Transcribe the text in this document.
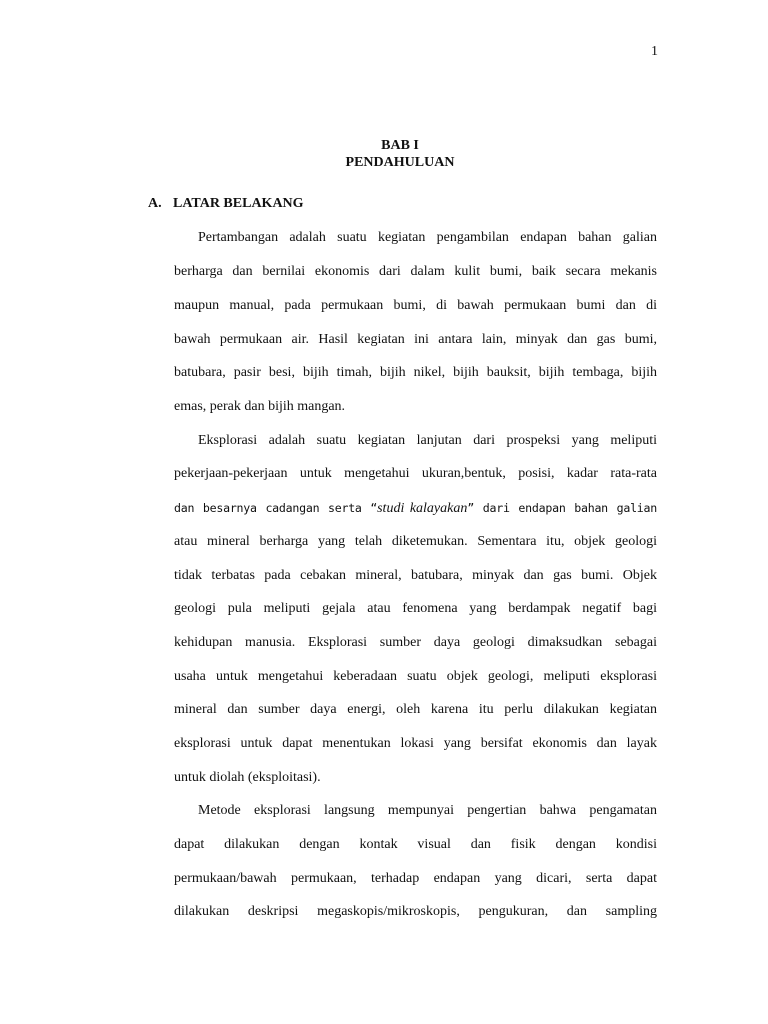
1
BAB I
PENDAHULUAN
A. LATAR BELAKANG
Pertambangan adalah suatu kegiatan pengambilan endapan bahan galian
berharga dan bernilai ekonomis dari dalam kulit bumi, baik secara mekanis
maupun manual, pada permukaan bumi, di bawah permukaan bumi dan di
bawah permukaan air. Hasil kegiatan ini antara lain, minyak dan gas bumi,
batubara, pasir besi, bijih timah, bijih nikel, bijih bauksit, bijih tembaga, bijih
emas, perak dan bijih mangan.
Eksplorasi adalah suatu kegiatan lanjutan dari prospeksi yang meliputi
pekerjaan-pekerjaan untuk mengetahui ukuran,bentuk, posisi, kadar rata-rata
dan besarnya cadangan serta “studi kalayakan” dari endapan bahan galian
atau mineral berharga yang telah diketemukan. Sementara itu, objek geologi
tidak terbatas pada cebakan mineral, batubara, minyak dan gas bumi. Objek
geologi pula meliputi gejala atau fenomena yang berdampak negatif bagi
kehidupan manusia. Eksplorasi sumber daya geologi dimaksudkan sebagai
usaha untuk mengetahui keberadaan suatu objek geologi, meliputi eksplorasi
mineral dan sumber daya energi, oleh karena itu perlu dilakukan kegiatan
eksplorasi untuk dapat menentukan lokasi yang bersifat ekonomis dan layak
untuk diolah (eksploitasi).
Metode eksplorasi langsung mempunyai pengertian bahwa pengamatan
dapat dilakukan dengan kontak visual dan fisik dengan kondisi
permukaan/bawah permukaan, terhadap endapan yang dicari, serta dapat
dilakukan deskripsi megaskopis/mikroskopis, pengukuran, dan sampling
